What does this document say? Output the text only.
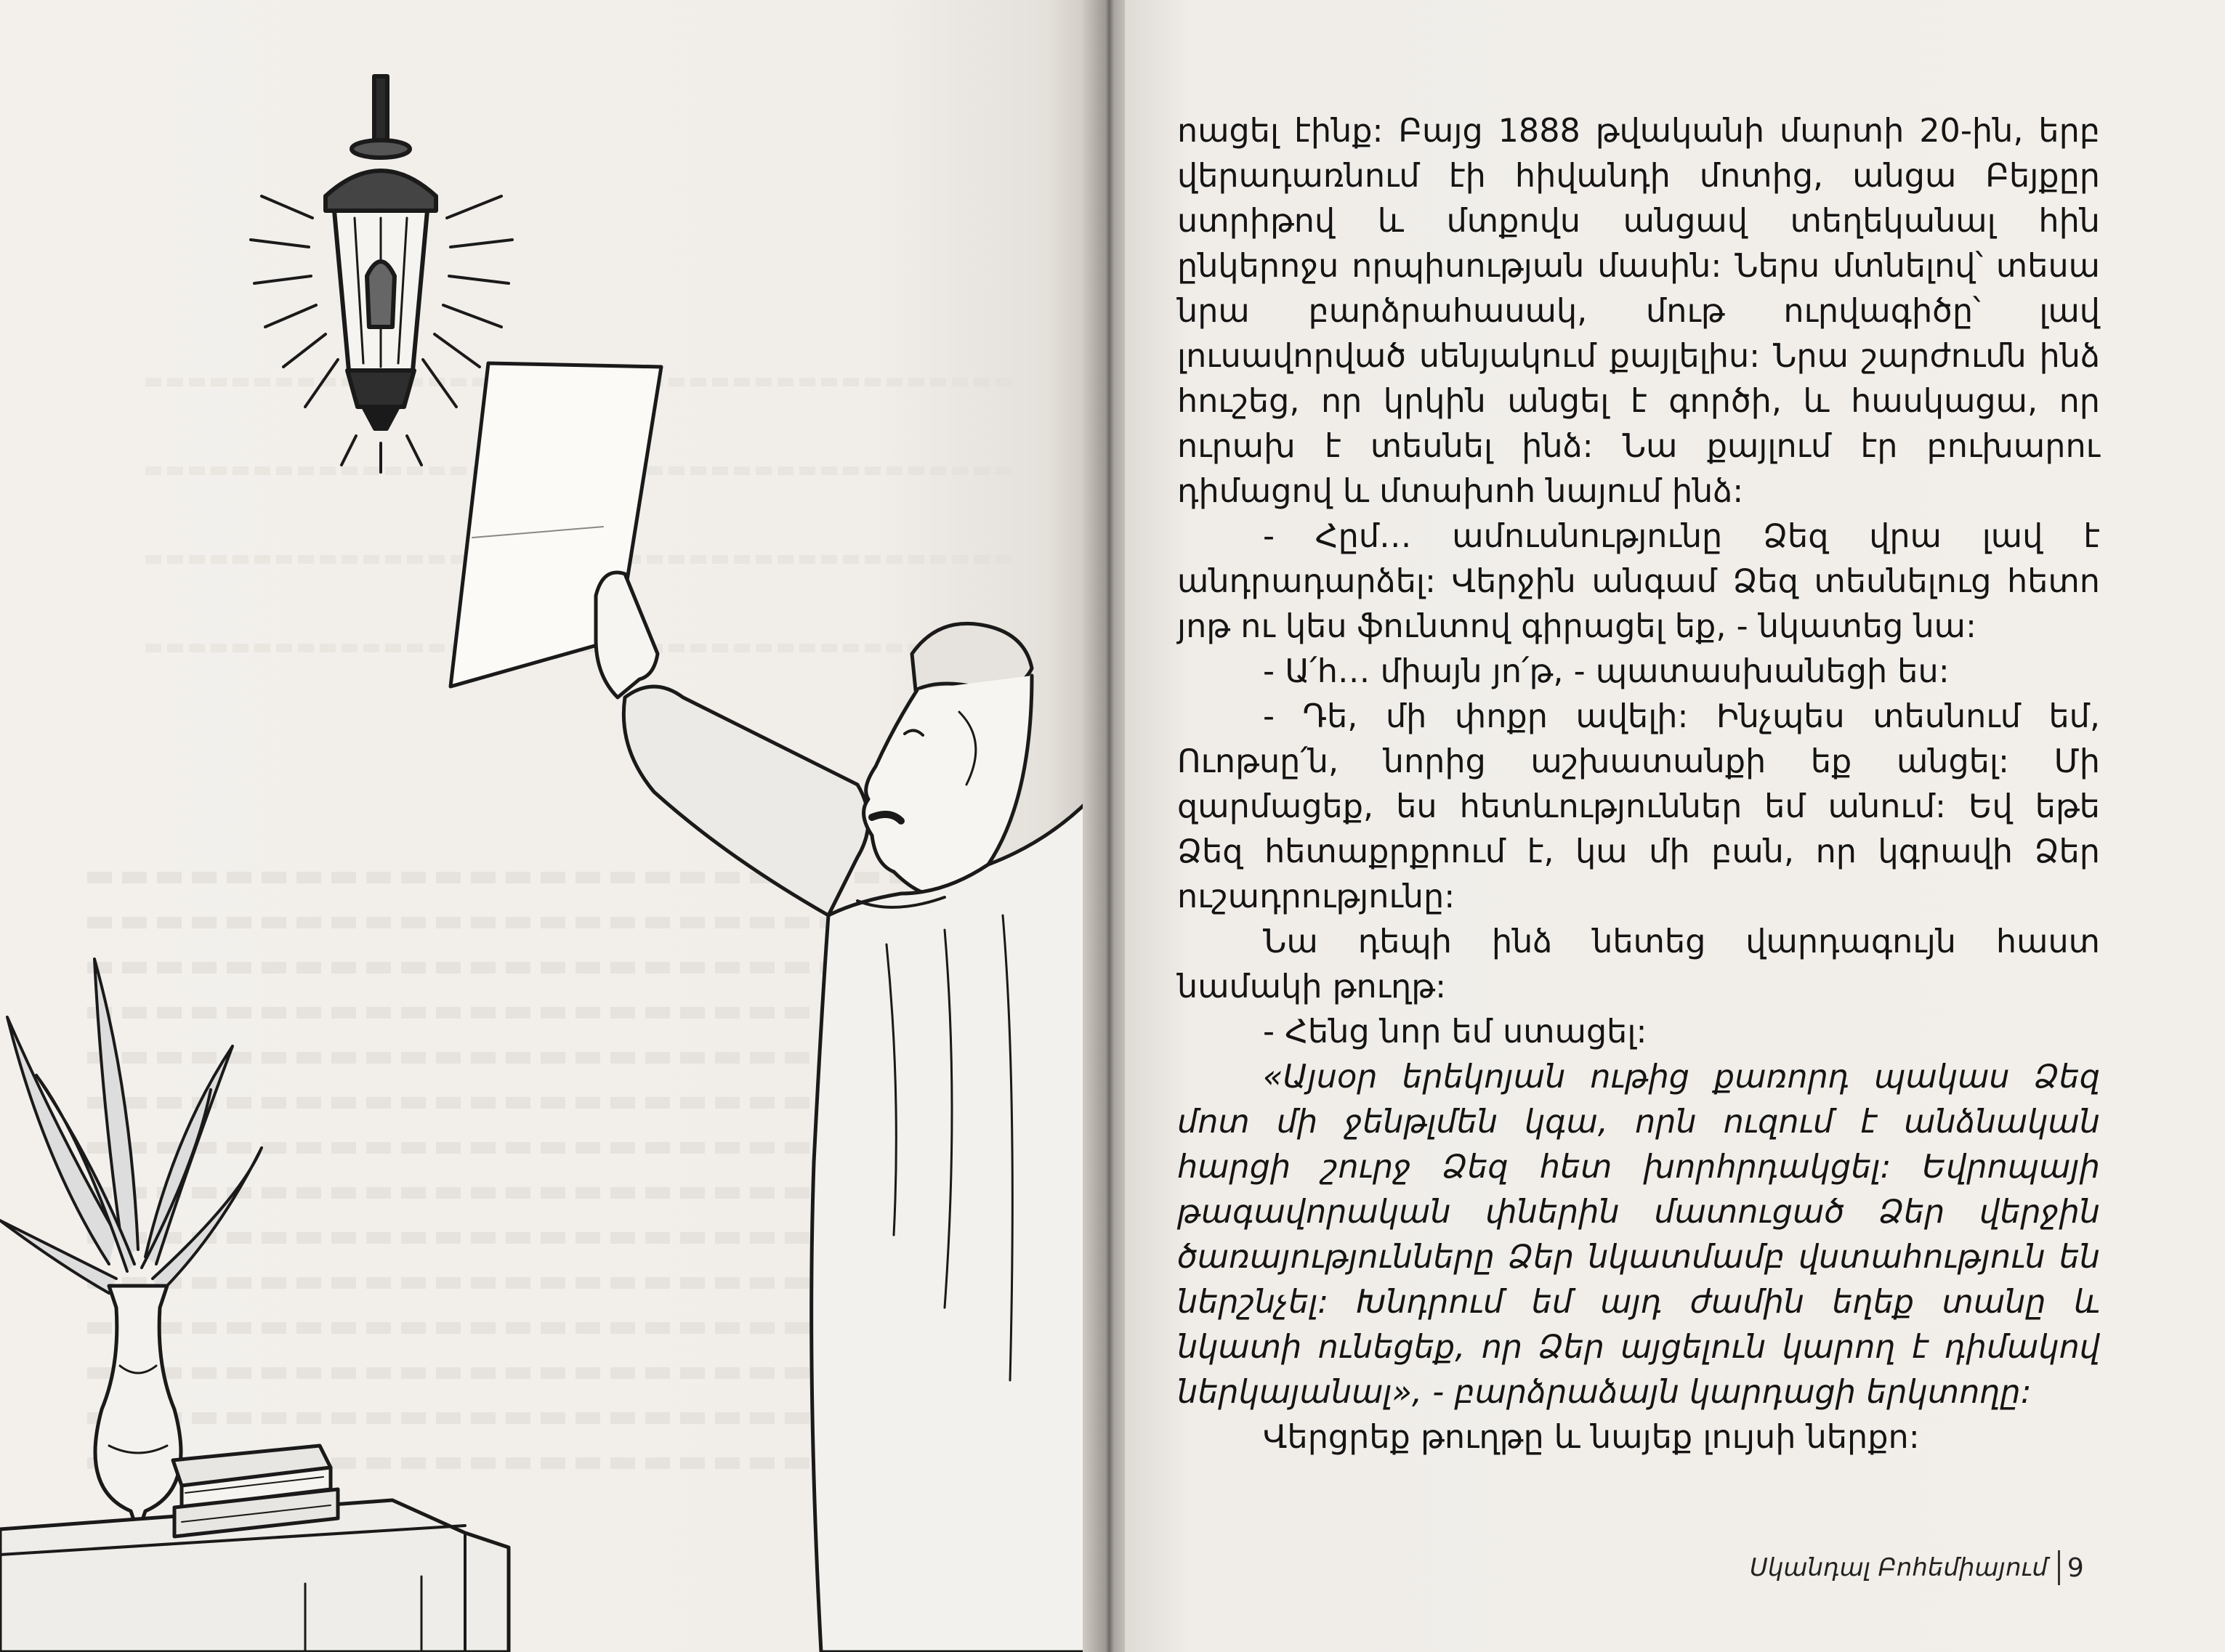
ոացել էինք: Բայց 1888 թվականի մարտի 20-ին, երբ վերադառնում էի հիվանդի մոտից, անցա Բեյքըր ստրիթով և մտքովս անցավ տեղեկանալ հին ընկերոջս որպիսության մասին: Ներս մտնելով՝ տեսա նրա բարձրահասակ, մութ ուրվագիծը՝ լավ լուսավորված սենյակում քայլելիս: Նրա շարժումն ինձ հուշեց, որ կրկին անցել է գործի, և հասկացա, որ ուրախ է տեսնել ինձ: Նա քայլում էր բուխարու դիմացով և մտախոհ նայում ինձ:

- Հըմ… ամուսնությունը Ձեզ վրա լավ է անդրադարձել: Վերջին անգամ Ձեզ տեսնելուց հետո յոթ ու կես ֆունտով գիրացել եք, - նկատեց նա:

- Ա՛հ… միայն յո՛թ, - պատասխանեցի ես:

- Դե, մի փոքր ավելի: Ինչպես տեսնում եմ, Ուոթսը՛ն, նորից աշխատանքի եք անցել: Մի զարմացեք, ես հետևություններ եմ անում: Եվ եթե Ձեզ հետաքրքրում է, կա մի բան, որ կգրավի Ձեր ուշադրությունը:

Նա դեպի ինձ նետեց վարդագույն հաստ նամակի թուղթ:

- Հենց նոր եմ ստացել:

«Այսօր երեկոյան ութից քառորդ պակաս Ձեզ մոտ մի ջենթլմեն կգա, որն ուզում է անձնական հարցի շուրջ Ձեզ հետ խորհրդակցել: Եվրոպայի թագավորական փներին մատուցած Ձեր վերջին ծառայությունները Ձեր նկատմամբ վստահություն են ներշնչել: Խնդրում եմ այդ ժամին եղեք տանը և նկատի ունեցեք, որ Ձեր այցելուն կարող է դիմակով ներկայանալ», - բարձրաձայն կարդացի երկտողը:

Վերցրեք թուղթը և նայեք լույսի ներքո:

Սկանդալ Բոհեմիայում 9
